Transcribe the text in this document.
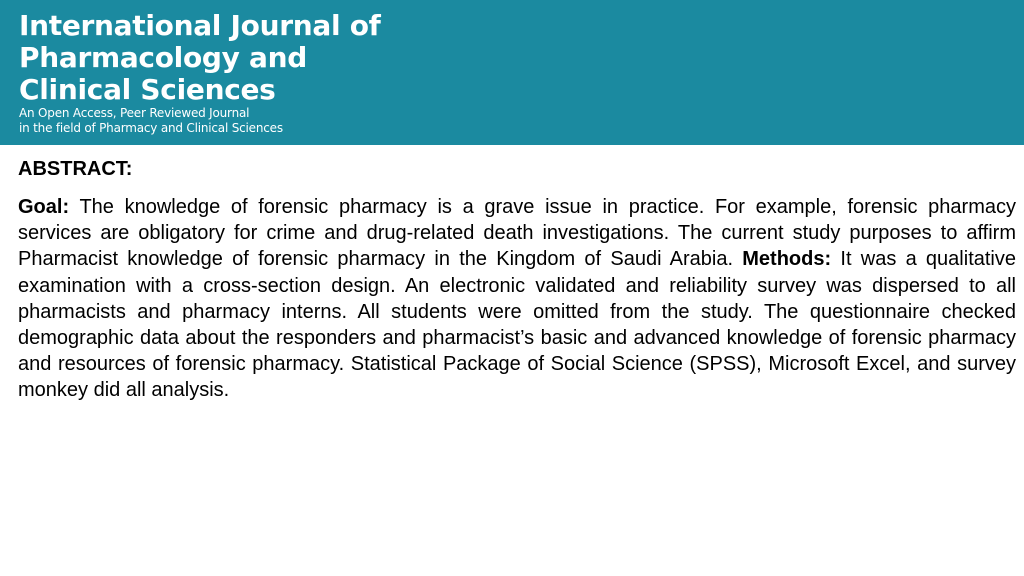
International Journal of
Pharmacology and
Clinical Sciences
An Open Access, Peer Reviewed Journal
in the field of Pharmacy and Clinical Sciences
ABSTRACT:

Goal: The knowledge of forensic pharmacy is a grave issue in practice. For example, forensic pharmacy services are obligatory for crime and drug-related death investigations. The current study purposes to affirm Pharmacist knowledge of forensic pharmacy in the Kingdom of Saudi Arabia. Methods: It was a qualitative examination with a cross-section design. An electronic validated and reliability survey was dispersed to all pharmacists and pharmacy interns. All students were omitted from the study. The questionnaire checked demographic data about the responders and pharmacist’s basic and advanced knowledge of forensic pharmacy and resources of forensic pharmacy. Statistical Package of Social Science (SPSS), Microsoft Excel, and survey monkey did all analysis.
